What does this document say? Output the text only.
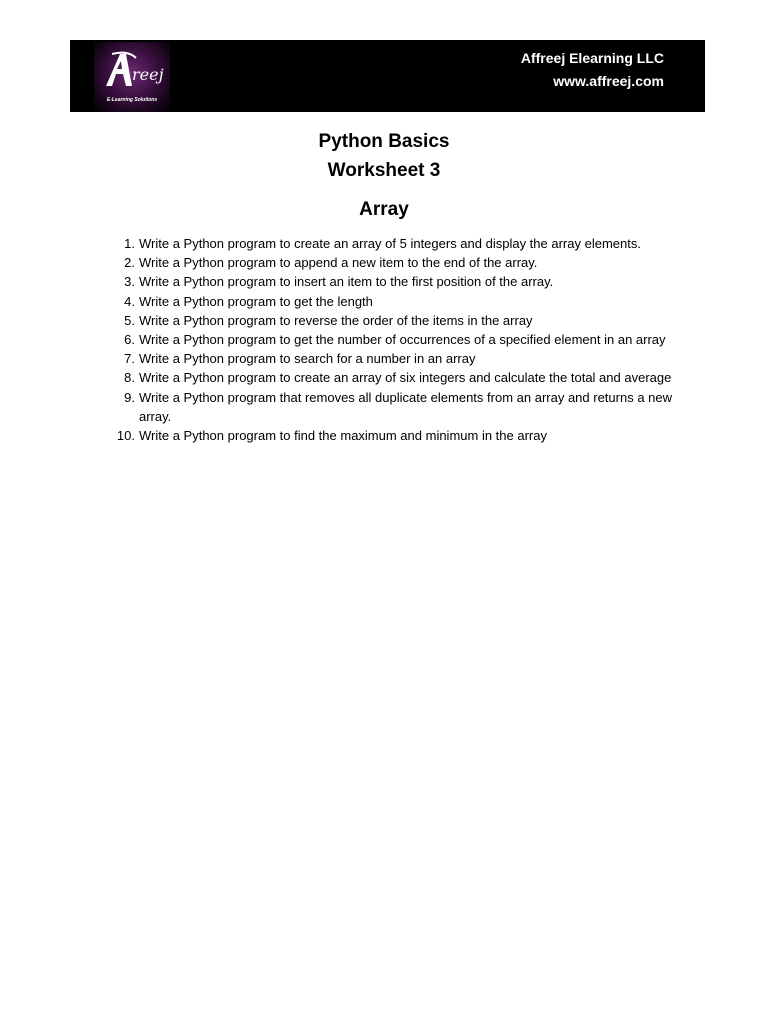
reej
E-Learning Solutions
Affreej Elearning LLC
www.affreej.com
Python Basics
Worksheet 3
Array
1. Write a Python program to create an array of 5 integers and display the array elements.
2. Write a Python program to append a new item to the end of the array.
3. Write a Python program to insert an item to the first position of the array.
4. Write a Python program to get the length
5. Write a Python program to reverse the order of the items in the array
6. Write a Python program to get the number of occurrences of a specified element in an array
7. Write a Python program to search for a number in an array
8. Write a Python program to create an array of six integers and calculate the total and average
9. Write a Python program that removes all duplicate elements from an array and returns a new array.
10. Write a Python program to find the maximum and minimum in the array
